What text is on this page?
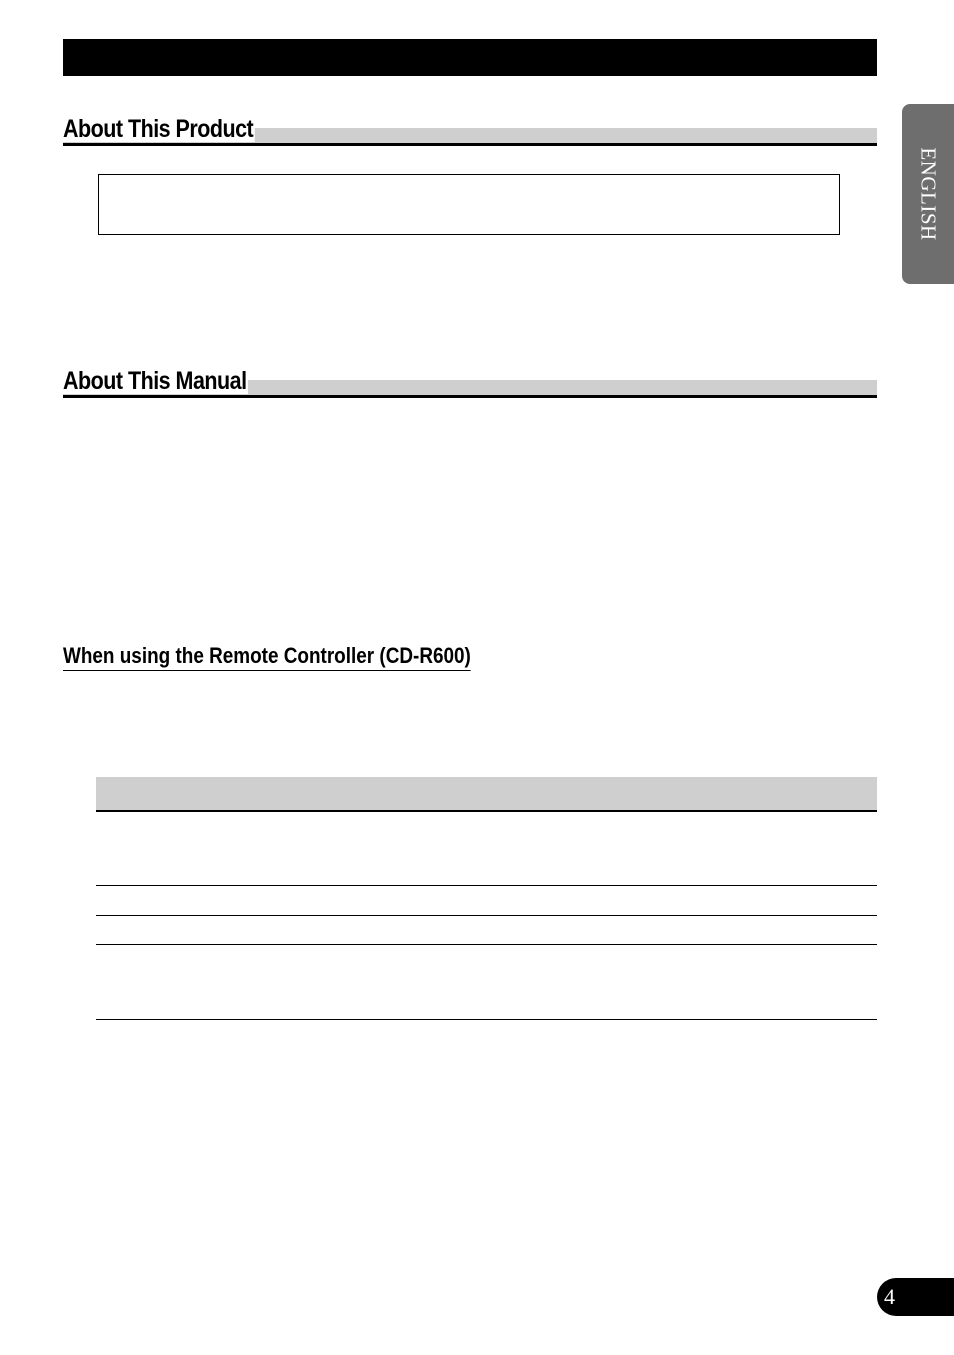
About This Product
ENGLISH
About This Manual
When using the Remote Controller (CD-R600)
4
